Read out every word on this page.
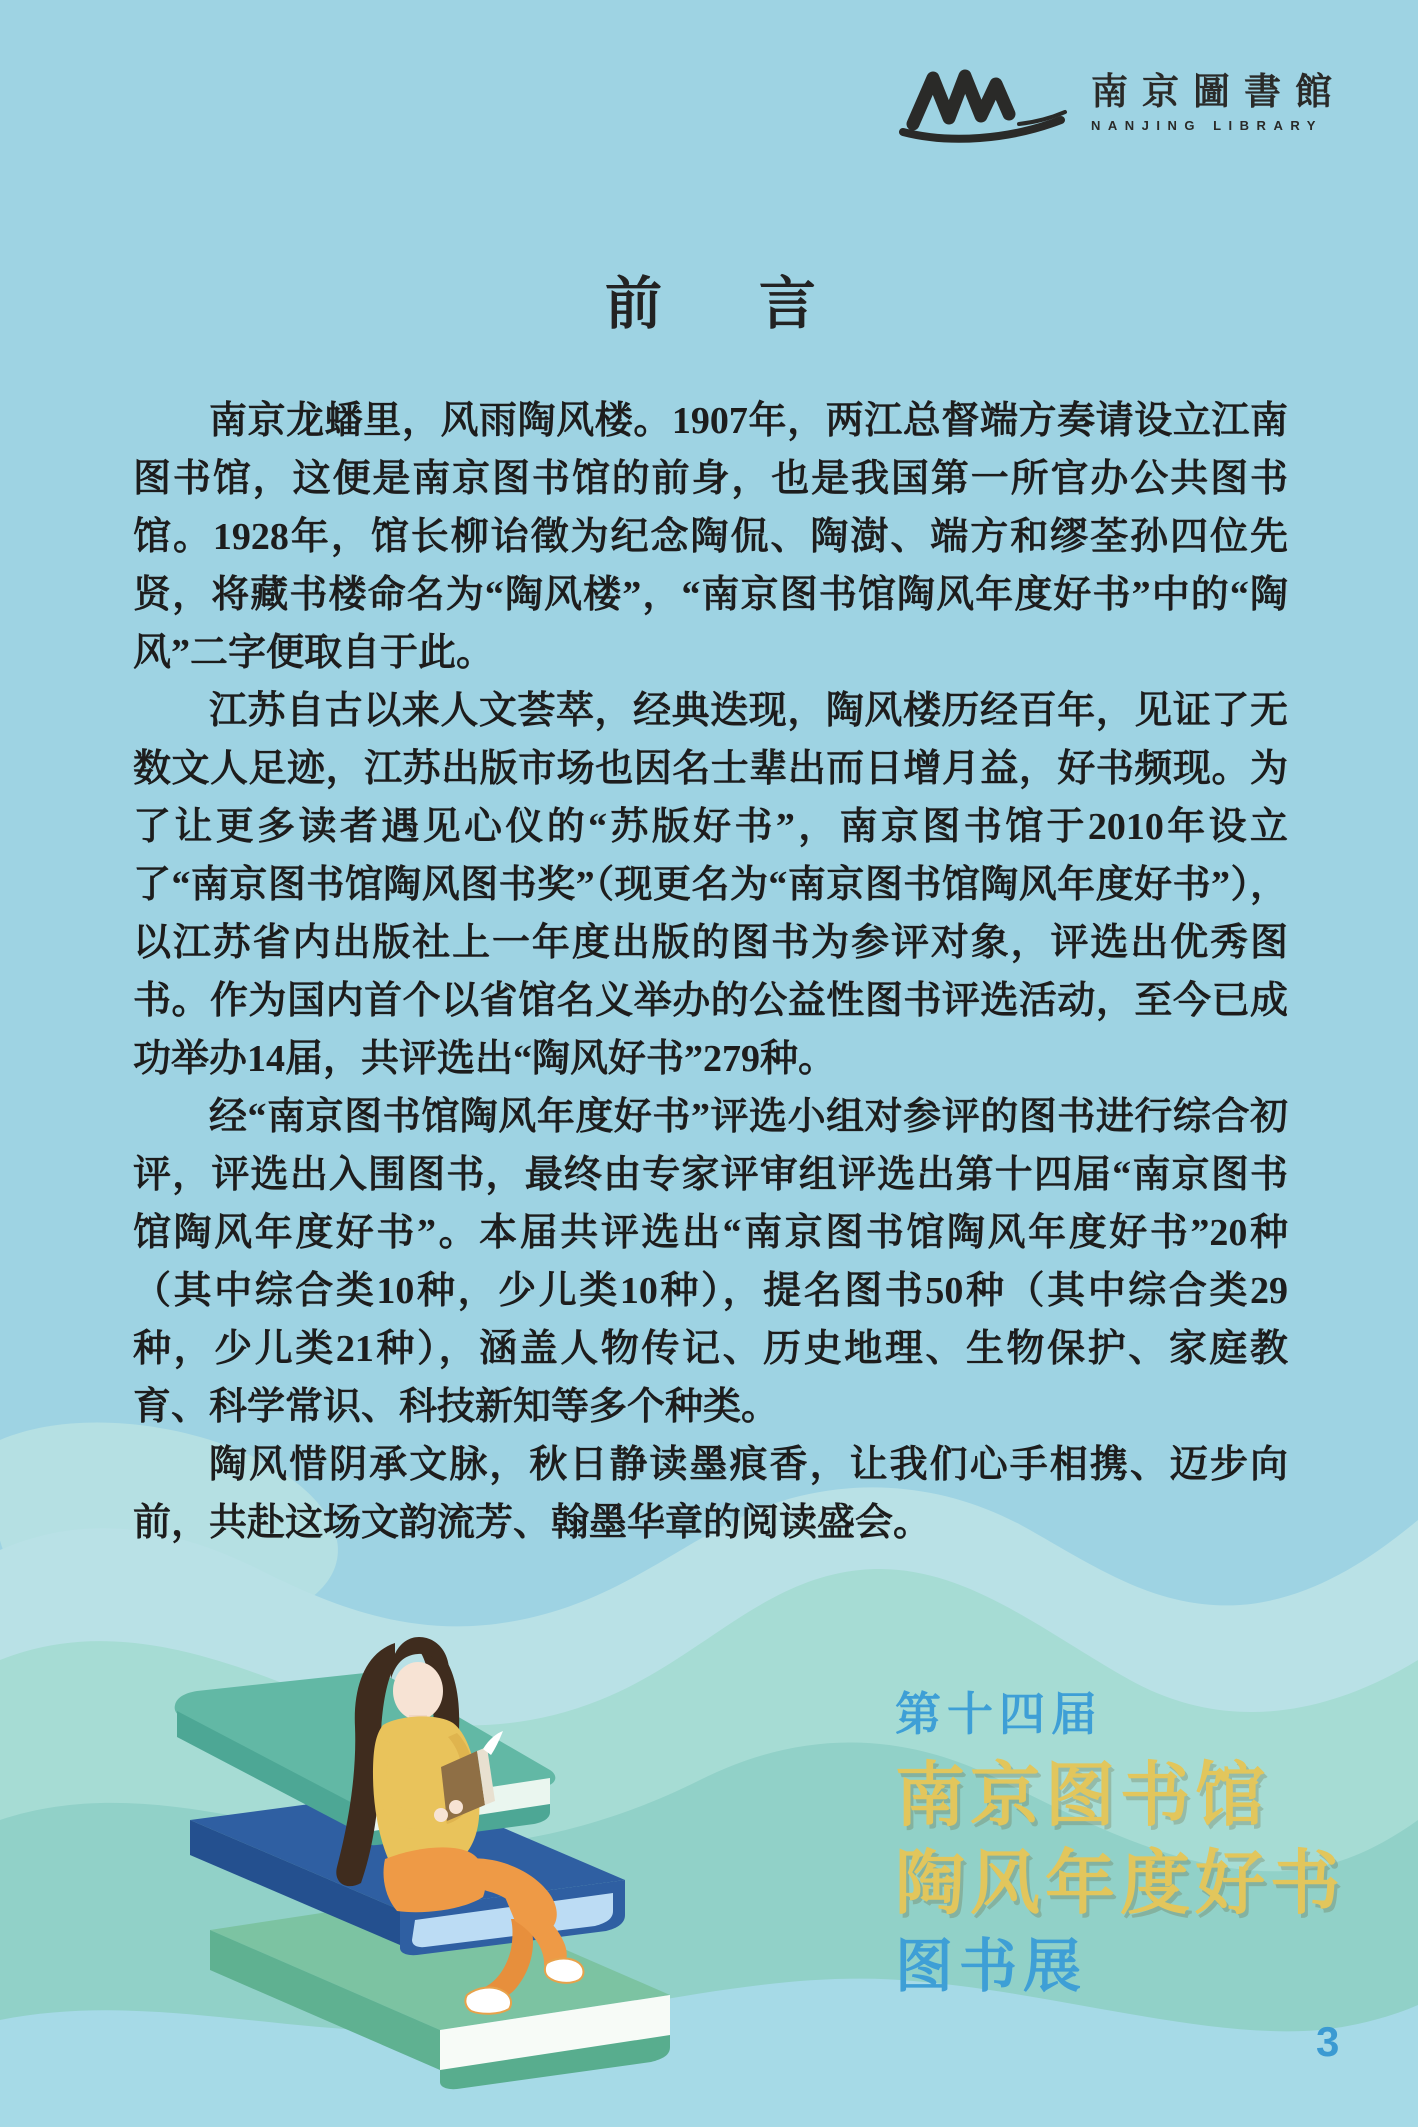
南京圖書館
NANJING LIBRARY
前　言

南京龙蟠里，风雨陶风楼。1907年，两江总督端方奏请设立江南图书馆，这便是南京图书馆的前身，也是我国第一所官办公共图书馆。1928年，馆长柳诒徵为纪念陶侃、陶澍、端方和缪荃孙四位先贤，将藏书楼命名为“陶风楼”，“南京图书馆陶风年度好书”中的“陶风”二字便取自于此。

江苏自古以来人文荟萃，经典迭现，陶风楼历经百年，见证了无数文人足迹，江苏出版市场也因名士辈出而日增月益，好书频现。为了让更多读者遇见心仪的“苏版好书”，南京图书馆于2010年设立了“南京图书馆陶风图书奖”（现更名为“南京图书馆陶风年度好书”），以江苏省内出版社上一年度出版的图书为参评对象，评选出优秀图书。作为国内首个以省馆名义举办的公益性图书评选活动，至今已成功举办14届，共评选出“陶风好书”279种。

经“南京图书馆陶风年度好书”评选小组对参评的图书进行综合初评，评选出入围图书，最终由专家评审组评选出第十四届“南京图书馆陶风年度好书”。本届共评选出“南京图书馆陶风年度好书”20种（其中综合类10种，少儿类10种），提名图书50种（其中综合类29种，少儿类21种），涵盖人物传记、历史地理、生物保护、家庭教育、科学常识、科技新知等多个种类。

陶风惜阴承文脉，秋日静读墨痕香，让我们心手相携、迈步向前，共赴这场文韵流芳、翰墨华章的阅读盛会。

第十四届

南京图书馆

陶风年度好书

图书展

3
